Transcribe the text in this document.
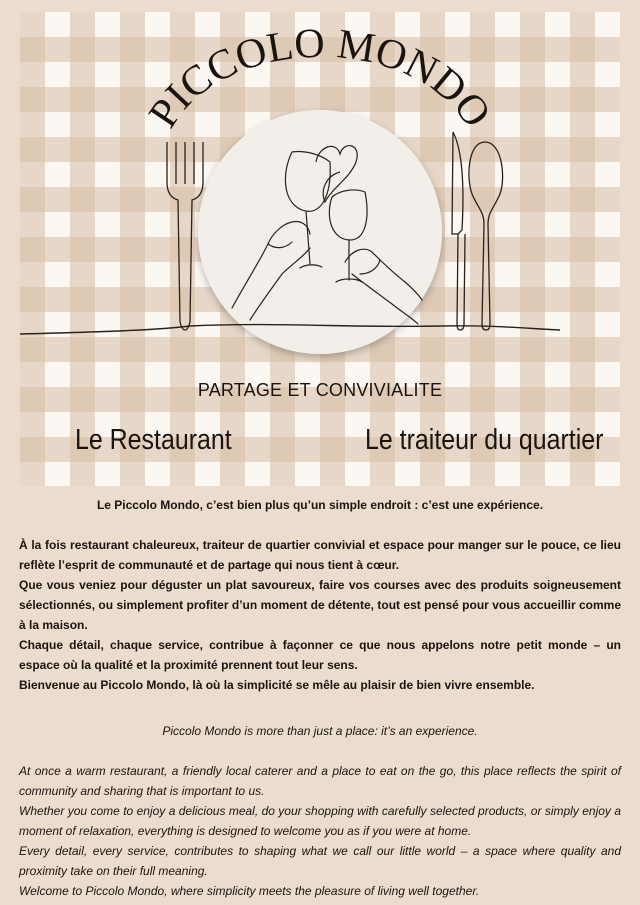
PICCOLO MONDO
PARTAGE ET CONVIVIALITE
Le Restaurant	Le traiteur du quartier

Le Piccolo Mondo, c’est bien plus qu’un simple endroit : c’est une expérience.

À la fois restaurant chaleureux, traiteur de quartier convivial et espace pour manger sur le pouce, ce lieu reflète l’esprit de communauté et de partage qui nous tient à cœur.

Que vous veniez pour déguster un plat savoureux, faire vos courses avec des produits soigneusement sélectionnés, ou simplement profiter d’un moment de détente, tout est pensé pour vous accueillir comme à la maison.

Chaque détail, chaque service, contribue à façonner ce que nous appelons notre petit monde – un espace où la qualité et la proximité prennent tout leur sens.

Bienvenue au Piccolo Mondo, là où la simplicité se mêle au plaisir de bien vivre ensemble.

Piccolo Mondo is more than just a place: it’s an experience.

At once a warm restaurant, a friendly local caterer and a place to eat on the go, this place reflects the spirit of community and sharing that is important to us.

Whether you come to enjoy a delicious meal, do your shopping with carefully selected products, or simply enjoy a moment of relaxation, everything is designed to welcome you as if you were at home.

Every detail, every service, contributes to shaping what we call our little world – a space where quality and proximity take on their full meaning.

Welcome to Piccolo Mondo, where simplicity meets the pleasure of living well together.
